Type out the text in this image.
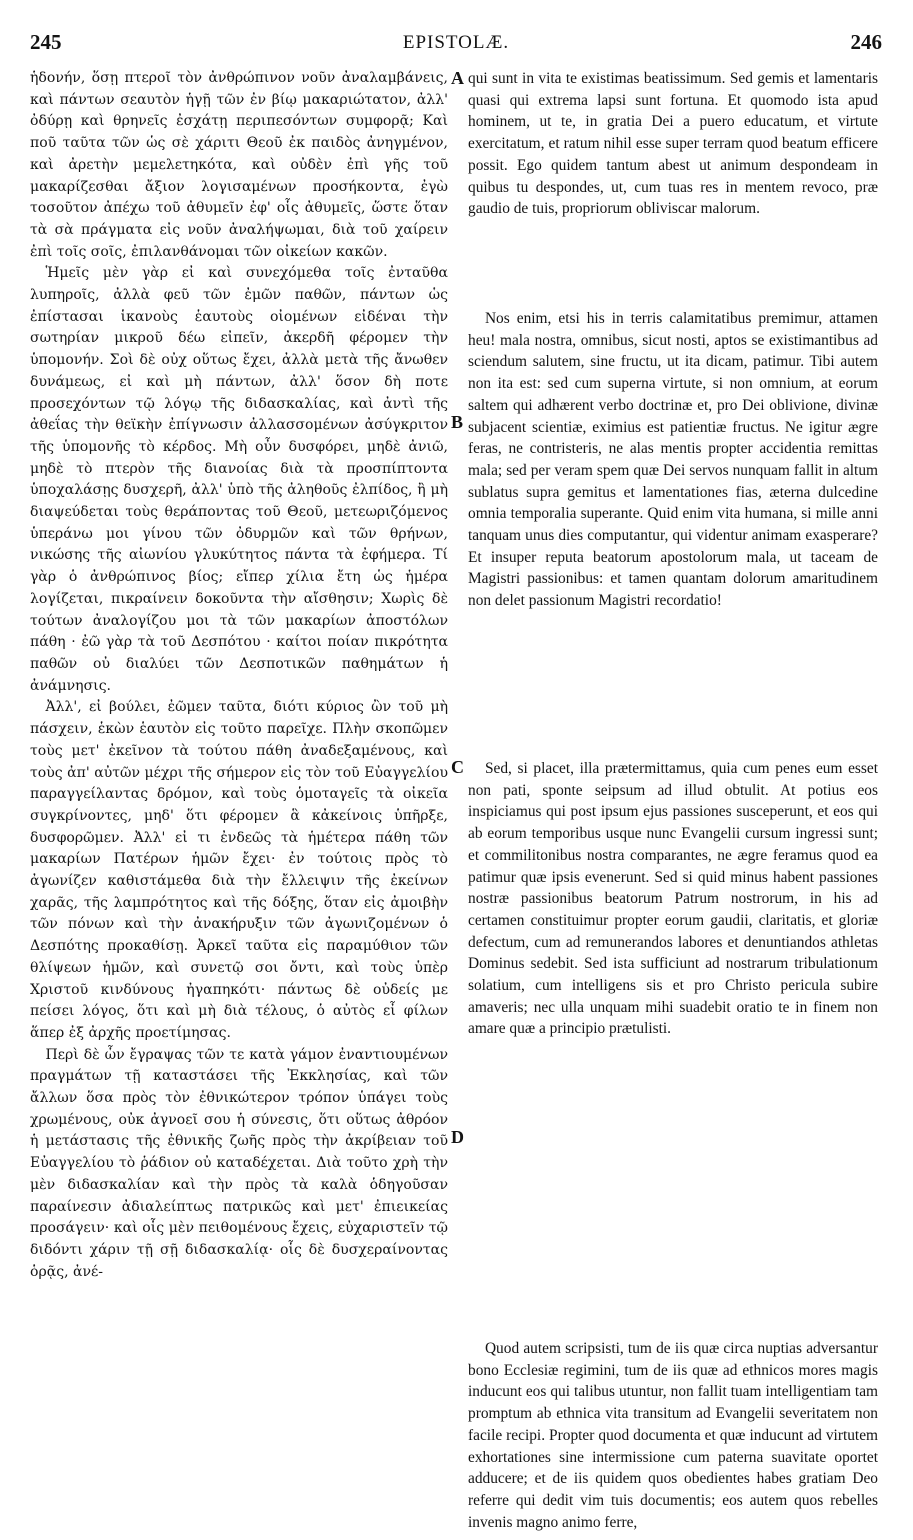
245	EPISTOLÆ.	246

ἡδονήν, ὅσῃ πτεροῖ τὸν ἀνθρώπινον νοῦν ἀναλαμβάνεις, καὶ πάντων σεαυτὸν ἡγῇ τῶν ἐν βίῳ μακαριώτατον, ἀλλ' ὀδύρῃ καὶ θρηνεῖς ἐσχάτῃ περιπεσόντων συμφορᾷ; Καὶ ποῦ ταῦτα τῶν ὡς σὲ χάριτι Θεοῦ ἐκ παιδὸς ἀνηγμένον, καὶ ἀρετὴν μεμελετηκότα, καὶ οὐδὲν ἐπὶ γῆς τοῦ μακαρίζεσθαι ἄξιον λογισαμένων προσήκοντα, ἐγὼ τοσοῦτον ἀπέχω τοῦ ἀθυμεῖν ἐφ' οἷς ἀθυμεῖς, ὥστε ὅταν τὰ σὰ πράγματα εἰς νοῦν ἀναλήψωμαι, διὰ τοῦ χαίρειν ἐπὶ τοῖς σοῖς, ἐπιλανθάνομαι τῶν οἰκείων κακῶν.

Ἡμεῖς μὲν γὰρ εἰ καὶ συνεχόμεθα τοῖς ἐνταῦθα λυπηροῖς, ἀλλὰ φεῦ τῶν ἐμῶν παθῶν, πάντων ὡς ἐπίστασαι ἱκανοὺς ἑαυτοὺς οἰομένων εἰδέναι τὴν σωτηρίαν μικροῦ δέω εἰπεῖν, ἀκερδῆ φέρομεν τὴν ὑπομονήν. Σοὶ δὲ οὐχ οὕτως ἔχει, ἀλλὰ μετὰ τῆς ἄνωθεν δυνάμεως, εἰ καὶ μὴ πάντων, ἀλλ' ὅσον δὴ ποτε προσεχόντων τῷ λόγῳ τῆς διδασκαλίας, καὶ ἀντὶ τῆς ἀθεΐας τὴν θεϊκὴν ἐπίγνωσιν ἀλλασσομένων ἀσύγκριτον τῆς ὑπομονῆς τὸ κέρδος. Μὴ οὖν δυσφόρει, μηδὲ ἀνιῶ, μηδὲ τὸ πτερὸν τῆς διανοίας διὰ τὰ προσπίπτοντα ὑποχαλάσῃς δυσχερῆ, ἀλλ' ὑπὸ τῆς ἀληθοῦς ἐλπίδος, ἢ μὴ διαψεύδεται τοὺς θεράποντας τοῦ Θεοῦ, μετεωριζόμενος ὑπεράνω μοι γίνου τῶν ὀδυρμῶν καὶ τῶν θρήνων, νικώσης τῆς αἰωνίου γλυκύτητος πάντα τὰ ἐφήμερα. Τί γὰρ ὁ ἀνθρώπινος βίος; εἴπερ χίλια ἔτη ὡς ἡμέρα λογίζεται, πικραίνειν δοκοῦντα τὴν αἴσθησιν; Χωρὶς δὲ τούτων ἀναλογίζου μοι τὰ τῶν μακαρίων ἀποστόλων πάθη · ἐῶ γὰρ τὰ τοῦ Δεσπότου · καίτοι ποίαν πικρότητα παθῶν οὐ διαλύει τῶν Δεσποτικῶν παθημάτων ἡ ἀνάμνησις.

Ἀλλ', εἰ βούλει, ἐῶμεν ταῦτα, διότι κύριος ὢν τοῦ μὴ πάσχειν, ἑκὼν ἑαυτὸν εἰς τοῦτο παρεῖχε. Πλὴν σκοπῶμεν τοὺς μετ' ἐκεῖνον τὰ τούτου πάθη ἀναδεξαμένους, καὶ τοὺς ἀπ' αὐτῶν μέχρι τῆς σήμερον εἰς τὸν τοῦ Εὐαγγελίου παραγγείλαντας δρόμον, καὶ τοὺς ὁμοταγεῖς τὰ οἰκεῖα συγκρίνοντες, μηδ' ὅτι φέρομεν ἃ κἀκείνοις ὑπῆρξε, δυσφορῶμεν. Ἀλλ' εἰ τι ἐνδεῶς τὰ ἡμέτερα πάθη τῶν μακαρίων Πατέρων ἡμῶν ἔχει· ἐν τούτοις πρὸς τὸ ἀγωνίζεν καθιστάμεθα διὰ τὴν ἔλλειψιν τῆς ἐκείνων χαρᾶς, τῆς λαμπρότητος καὶ τῆς δόξης, ὅταν εἰς ἀμοιβὴν τῶν πόνων καὶ τὴν ἀνακήρυξιν τῶν ἀγωνιζομένων ὁ Δεσπότης προκαθίσῃ. Ἀρκεῖ ταῦτα εἰς παραμύθιον τῶν θλίψεων ἡμῶν, καὶ συνετῷ σοι ὄντι, καὶ τοὺς ὑπὲρ Χριστοῦ κινδύνους ἠγαπηκότι· πάντως δὲ οὐδείς με πείσει λόγος, ὅτι καὶ μὴ διὰ τέλους, ὁ αὐτὸς εἶ φίλων ἅπερ ἐξ ἀρχῆς προετίμησας.

Περὶ δὲ ὧν ἔγραψας τῶν τε κατὰ γάμον ἐναντιουμένων πραγμάτων τῇ καταστάσει τῆς Ἐκκλησίας, καὶ τῶν ἄλλων ὅσα πρὸς τὸν ἐθνικώτερον τρόπον ὑπάγει τοὺς χρωμένους, οὐκ ἀγνοεῖ σου ἡ σύνεσις, ὅτι οὕτως ἀθρόον ἡ μετάστασις τῆς ἐθνικῆς ζωῆς πρὸς τὴν ἀκρίβειαν τοῦ Εὐαγγελίου τὸ ῥάδιον οὐ καταδέχεται. Διὰ τοῦτο χρὴ τὴν μὲν διδασκαλίαν καὶ τὴν πρὸς τὰ καλὰ ὁδηγοῦσαν παραίνεσιν ἀδιαλείπτως πατρικῶς καὶ μετ' ἐπιεικείας προσάγειν· καὶ οἷς μὲν πειθομένους ἔχεις, εὐχαριστεῖν τῷ διδόντι χάριν τῇ σῇ διδασκαλίᾳ· οἷς δὲ δυσχεραίνοντας ὁρᾷς, ἀνέ-

A
B
C
D

qui sunt in vita te existimas beatissimum. Sed gemis et lamentaris quasi qui extrema lapsi sunt fortuna. Et quomodo ista apud hominem, ut te, in gratia Dei a puero educatum, et virtute exercitatum, et ratum nihil esse super terram quod beatum efficere possit. Ego quidem tantum abest ut animum despondeam in quibus tu despondes, ut, cum tuas res in mentem revoco, præ gaudio de tuis, propriorum obliviscar malorum.

Nos enim, etsi his in terris calamitatibus premimur, attamen heu! mala nostra, omnibus, sicut nosti, aptos se existimantibus ad sciendum salutem, sine fructu, ut ita dicam, patimur. Tibi autem non ita est: sed cum superna virtute, si non omnium, at eorum saltem qui adhærent verbo doctrinæ et, pro Dei oblivione, divinæ subjacent scientiæ, eximius est patientiæ fructus. Ne igitur ægre feras, ne contristeris, ne alas mentis propter accidentia remittas mala; sed per veram spem quæ Dei servos nunquam fallit in altum sublatus supra gemitus et lamentationes fias, æterna dulcedine omnia temporalia superante. Quid enim vita humana, si mille anni tanquam unus dies computantur, qui videntur animam exasperare? Et insuper reputa beatorum apostolorum mala, ut taceam de Magistri passionibus: et tamen quantam dolorum amaritudinem non delet passionum Magistri recordatio!

Sed, si placet, illa prætermittamus, quia cum penes eum esset non pati, sponte seipsum ad illud obtulit. At potius eos inspiciamus qui post ipsum ejus passiones susceperunt, et eos qui ab eorum temporibus usque nunc Evangelii cursum ingressi sunt; et commilitonibus nostra comparantes, ne ægre feramus quod ea patimur quæ ipsis evenerunt. Sed si quid minus habent passiones nostræ passionibus beatorum Patrum nostrorum, in his ad certamen constituimur propter eorum gaudii, claritatis, et gloriæ defectum, cum ad remunerandos labores et denuntiandos athletas Dominus sedebit. Sed ista sufficiunt ad nostrarum tribulationum solatium, cum intelligens sis et pro Christo pericula subire amaveris; nec ulla unquam mihi suadebit oratio te in finem non amare quæ a principio prætulisti.

Quod autem scripsisti, tum de iis quæ circa nuptias adversantur bono Ecclesiæ regimini, tum de iis quæ ad ethnicos mores magis inducunt eos qui talibus utuntur, non fallit tuam intelligentiam tam promptum ab ethnica vita transitum ad Evangelii severitatem non facile recipi. Propter quod documenta et quæ inducunt ad virtutem exhortationes sine intermissione cum paterna suavitate oportet adducere; et de iis quidem quos obedientes habes gratiam Deo referre qui dedit vim tuis documentis; eos autem quos rebelles invenis magno animo ferre,
